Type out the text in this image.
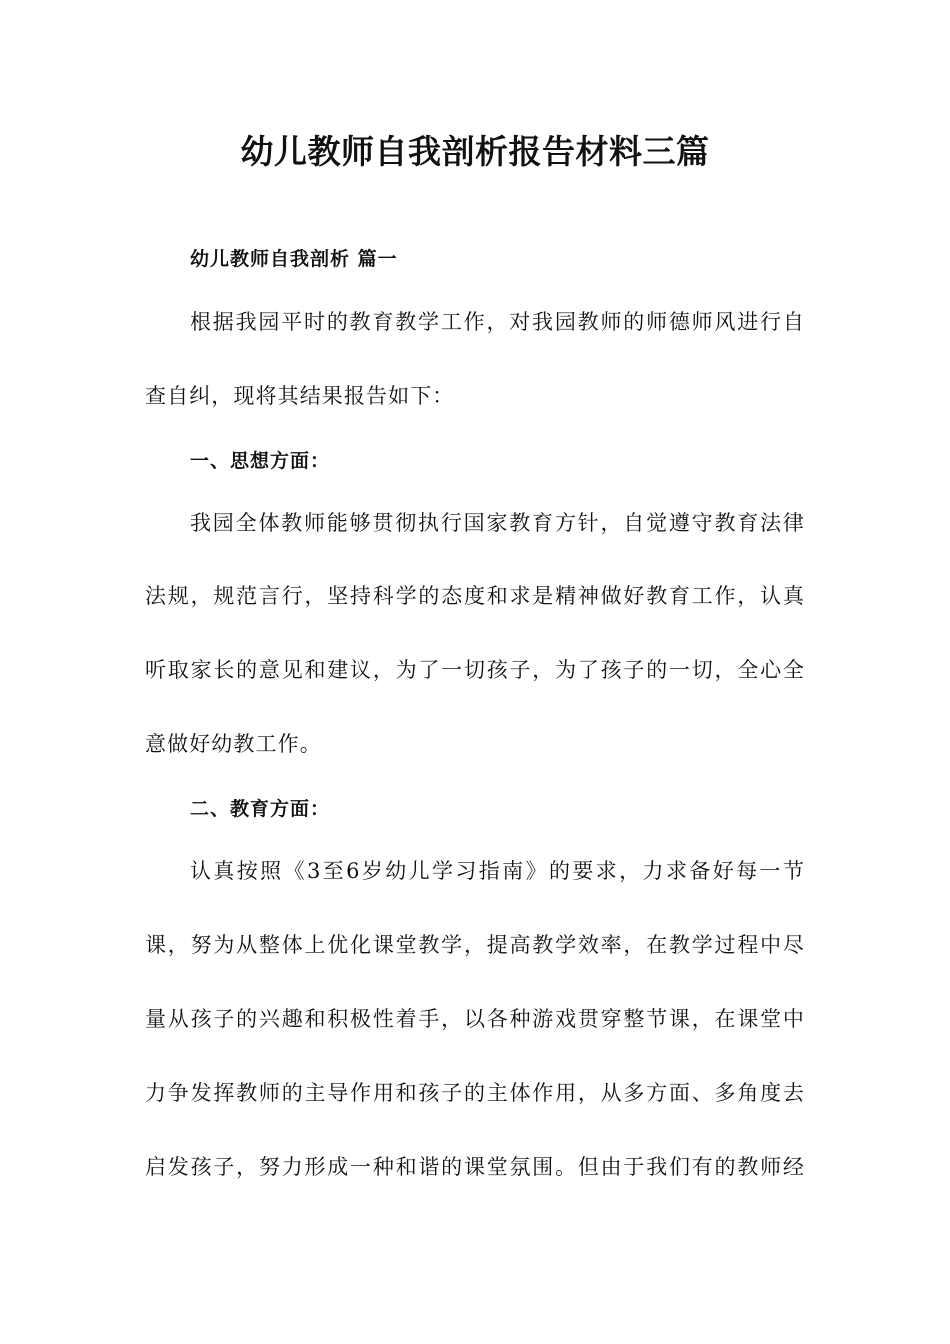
幼儿教师自我剖析报告材料三篇
幼儿教师自我剖析 篇一
根据我园平时的教育教学工作，对我园教师的师德师风进行自
查自纠，现将其结果报告如下：
一、思想方面：
我园全体教师能够贯彻执行国家教育方针，自觉遵守教育法律
法规，规范言行，坚持科学的态度和求是精神做好教育工作，认真
听取家长的意见和建议，为了一切孩子，为了孩子的一切，全心全
意做好幼教工作。
二、教育方面：
认真按照《3至6岁幼儿学习指南》的要求，力求备好每一节
课，努为从整体上优化课堂教学，提高教学效率，在教学过程中尽
量从孩子的兴趣和积极性着手，以各种游戏贯穿整节课，在课堂中
力争发挥教师的主导作用和孩子的主体作用，从多方面、多角度去
启发孩子，努力形成一种和谐的课堂氛围。但由于我们有的教师经
